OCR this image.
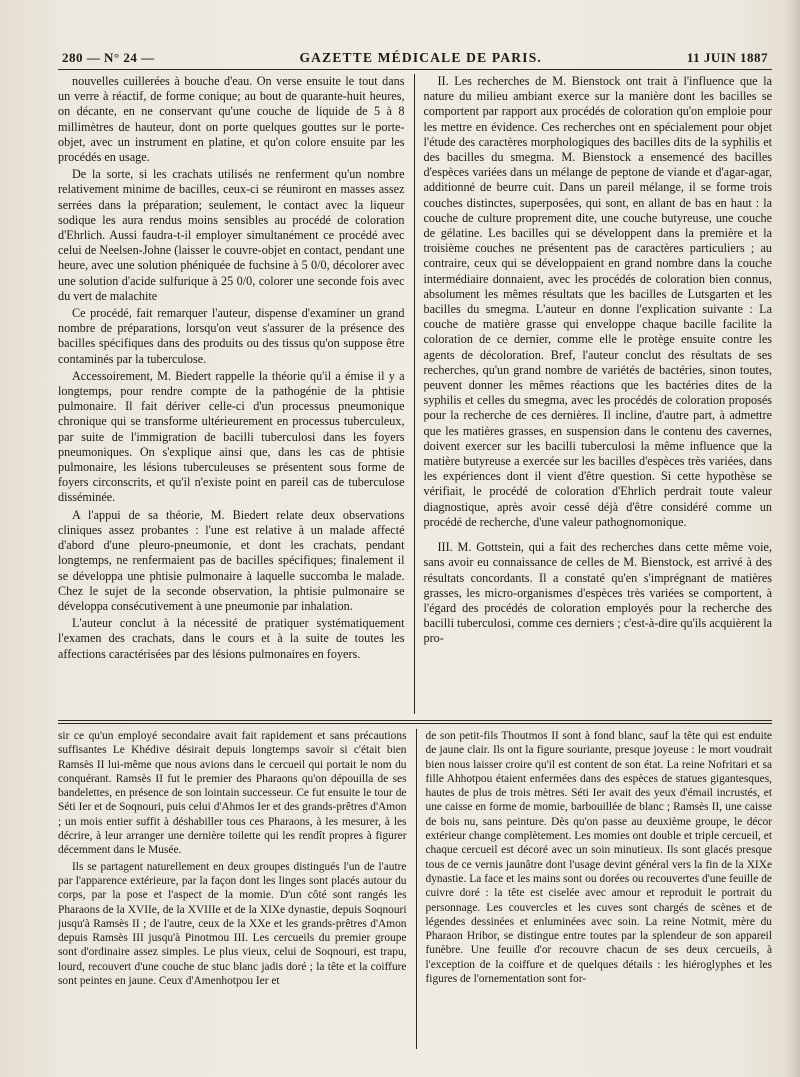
280 — N° 24 —	GAZETTE MÉDICALE DE PARIS.	11 JUIN 1887

nouvelles cuillerées à bouche d'eau. On verse ensuite le tout dans un verre à réactif, de forme conique; au bout de quarante-huit heures, on décante, en ne conservant qu'une couche de liquide de 5 à 8 millimètres de hauteur, dont on porte quelques gouttes sur le porte-objet, avec un instrument en platine, et qu'on colore ensuite par les procédés en usage.

De la sorte, si les crachats utilisés ne renferment qu'un nombre relativement minime de bacilles, ceux-ci se réuniront en masses assez serrées dans la préparation; seulement, le contact avec la liqueur sodique les aura rendus moins sensibles au procédé de coloration d'Ehrlich. Aussi faudra-t-il employer simultanément ce procédé avec celui de Neelsen-Johne (laisser le couvre-objet en contact, pendant une heure, avec une solution phéniquée de fuchsine à 5 0/0, décolorer avec une solution d'acide sulfurique à 25 0/0, colorer une seconde fois avec du vert de malachite

Ce procédé, fait remarquer l'auteur, dispense d'examiner un grand nombre de préparations, lorsqu'on veut s'assurer de la présence des bacilles spécifiques dans des produits ou des tissus qu'on suppose être contaminés par la tuberculose.

Accessoirement, M. Biedert rappelle la théorie qu'il a émise il y a longtemps, pour rendre compte de la pathogénie de la phtisie pulmonaire. Il fait dériver celle-ci d'un processus pneumonique chronique qui se transforme ultérieurement en processus tuberculeux, par suite de l'immigration de bacilli tuberculosi dans les foyers pneumoniques. On s'explique ainsi que, dans les cas de phtisie pulmonaire, les lésions tuberculeuses se présentent sous forme de foyers circonscrits, et qu'il n'existe point en pareil cas de tuberculose disséminée.

A l'appui de sa théorie, M. Biedert relate deux observations cliniques assez probantes : l'une est relative à un malade affecté d'abord d'une pleuro-pneumonie, et dont les crachats, pendant longtemps, ne renfermaient pas de bacilles spécifiques; finalement il se développa une phtisie pulmonaire à laquelle succomba le malade. Chez le sujet de la seconde observation, la phtisie pulmonaire se développa consécutivement à une pneumonie par inhalation.

L'auteur conclut à la nécessité de pratiquer systématiquement l'examen des crachats, dans le cours et à la suite de toutes les affections caractérisées par des lésions pulmonaires en foyers.

II. Les recherches de M. Bienstock ont trait à l'influence que la nature du milieu ambiant exerce sur la manière dont les bacilles se comportent par rapport aux procédés de coloration qu'on emploie pour les mettre en évidence. Ces recherches ont en spécialement pour objet l'étude des caractères morphologiques des bacilles dits de la syphilis et des bacilles du smegma. M. Bienstock a ensemencé des bacilles d'espèces variées dans un mélange de peptone de viande et d'agar-agar, additionné de beurre cuit. Dans un pareil mélange, il se forme trois couches distinctes, superposées, qui sont, en allant de bas en haut : la couche de culture proprement dite, une couche butyreuse, une couche de gélatine. Les bacilles qui se développent dans la première et la troisième couches ne présentent pas de caractères particuliers ; au contraire, ceux qui se développaient en grand nombre dans la couche intermédiaire donnaient, avec les procédés de coloration bien connus, absolument les mêmes résultats que les bacilles de Lutsgarten et les bacilles du smegma. L'auteur en donne l'explication suivante : La couche de matière grasse qui enveloppe chaque bacille facilite la coloration de ce dernier, comme elle le protège ensuite contre les agents de décoloration. Bref, l'auteur conclut des résultats de ses recherches, qu'un grand nombre de variétés de bactéries, sinon toutes, peuvent donner les mêmes réactions que les bactéries dites de la syphilis et celles du smegma, avec les procédés de coloration proposés pour la recherche de ces dernières. Il incline, d'autre part, à admettre que les matières grasses, en suspension dans le contenu des cavernes, doivent exercer sur les bacilli tuberculosi la même influence que la matière butyreuse a exercée sur les bacilles d'espèces très variées, dans les expériences dont il vient d'être question. Si cette hypothèse se vérifiait, le procédé de coloration d'Ehrlich perdrait toute valeur diagnostique, après avoir cessé déjà d'être considéré comme un procédé de recherche, d'une valeur pathognomonique.

III. M. Gottstein, qui a fait des recherches dans cette même voie, sans avoir eu connaissance de celles de M. Bienstock, est arrivé à des résultats concordants. Il a constaté qu'en s'imprégnant de matières grasses, les micro-organismes d'espèces très variées se comportent, à l'égard des procédés de coloration employés pour la recherche des bacilli tuberculosi, comme ces derniers ; c'est-à-dire qu'ils acquièrent la pro-

sir ce qu'un employé secondaire avait fait rapidement et sans précautions suffisantes Le Khédive désirait depuis longtemps savoir si c'était bien Ramsès II lui-même que nous avions dans le cercueil qui portait le nom du conquérant. Ramsès II fut le premier des Pharaons qu'on dépouilla de ses bandelettes, en présence de son lointain successeur. Ce fut ensuite le tour de Séti Ier et de Soqnouri, puis celui d'Ahmos Ier et des grands-prêtres d'Amon ; un mois entier suffit à déshabiller tous ces Pharaons, à les mesurer, à les décrire, à leur arranger une dernière toilette qui les rendît propres à figurer décemment dans le Musée.

Ils se partagent naturellement en deux groupes distingués l'un de l'autre par l'apparence extérieure, par la façon dont les linges sont placés autour du corps, par la pose et l'aspect de la momie. D'un côté sont rangés les Pharaons de la XVIIe, de la XVIIIe et de la XIXe dynastie, depuis Soqnouri jusqu'à Ramsès II ; de l'autre, ceux de la XXe et les grands-prêtres d'Amon depuis Ramsès III jusqu'à Pinotmou III. Les cercueils du premier groupe sont d'ordinaire assez simples. Le plus vieux, celui de Soqnouri, est trapu, lourd, recouvert d'une couche de stuc blanc jadis doré ; la tête et la coiffure sont peintes en jaune. Ceux d'Amenhotpou Ier et

de son petit-fils Thoutmos II sont à fond blanc, sauf la tête qui est enduite de jaune clair. Ils ont la figure souriante, presque joyeuse : le mort voudrait bien nous laisser croire qu'il est content de son état. La reine Nofritari et sa fille Ahhotpou étaient enfermées dans des espèces de statues gigantesques, hautes de plus de trois mètres. Séti Ier avait des yeux d'émail incrustés, et une caisse en forme de momie, barbouillée de blanc ; Ramsès II, une caisse de bois nu, sans peinture. Dès qu'on passe au deuxième groupe, le décor extérieur change complètement. Les momies ont double et triple cercueil, et chaque cercueil est décoré avec un soin minutieux. Ils sont glacés presque tous de ce vernis jaunâtre dont l'usage devint général vers la fin de la XIXe dynastie. La face et les mains sont ou dorées ou recouvertes d'une feuille de cuivre doré : la tête est ciselée avec amour et reproduit le portrait du personnage. Les couvercles et les cuves sont chargés de scènes et de légendes dessinées et enluminées avec soin. La reine Notmit, mère du Pharaon Hribor, se distingue entre toutes par la splendeur de son appareil funèbre. Une feuille d'or recouvre chacun de ses deux cercueils, à l'exception de la coiffure et de quelques détails : les hiéroglyphes et les figures de l'ornementation sont for-
